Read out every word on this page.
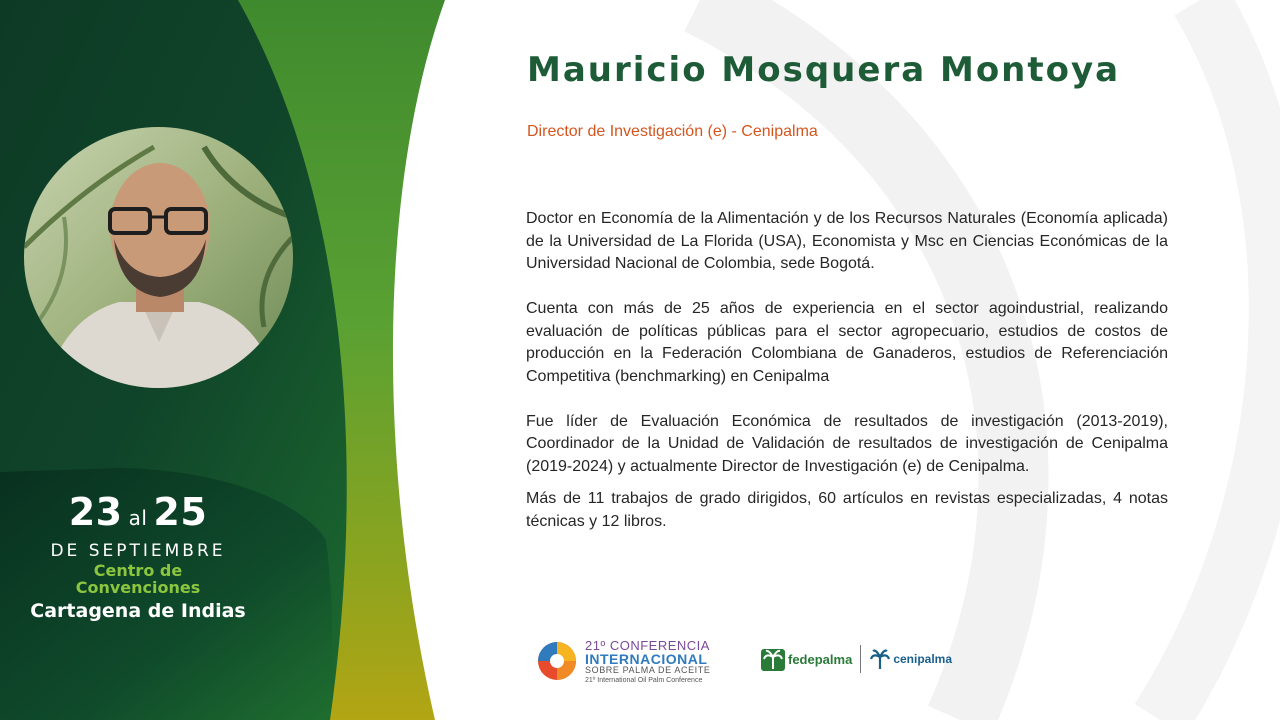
23 al 25
DE SEPTIEMBRE
Centro de
Convenciones
Cartagena de Indias
Mauricio Mosquera Montoya
Director de Investigación (e) - Cenipalma

Doctor en Economía de la Alimentación y de los Recursos Naturales (Economía aplicada) de la Universidad de La Florida (USA), Economista y Msc en Ciencias Económicas de la Universidad Nacional de Colombia, sede Bogotá.

Cuenta con más de 25 años de experiencia en el sector agoindustrial, realizando evaluación de políticas públicas para el sector agropecuario, estudios de costos de producción en la Federación Colombiana de Ganaderos, estudios de Referenciación Competitiva (benchmarking) en Cenipalma

Fue líder de Evaluación Económica de resultados de investigación (2013-2019), Coordinador de la Unidad de Validación de resultados de investigación de Cenipalma (2019-2024) y actualmente Director de Investigación (e) de Cenipalma.

Más de 11 trabajos de grado dirigidos, 60 artículos en revistas especializadas, 4 notas técnicas y 12 libros.

21º CONFERENCIA
INTERNACIONAL
SOBRE PALMA DE ACEITE
21º International Oil Palm Conference
fedepalma	cenipalma
